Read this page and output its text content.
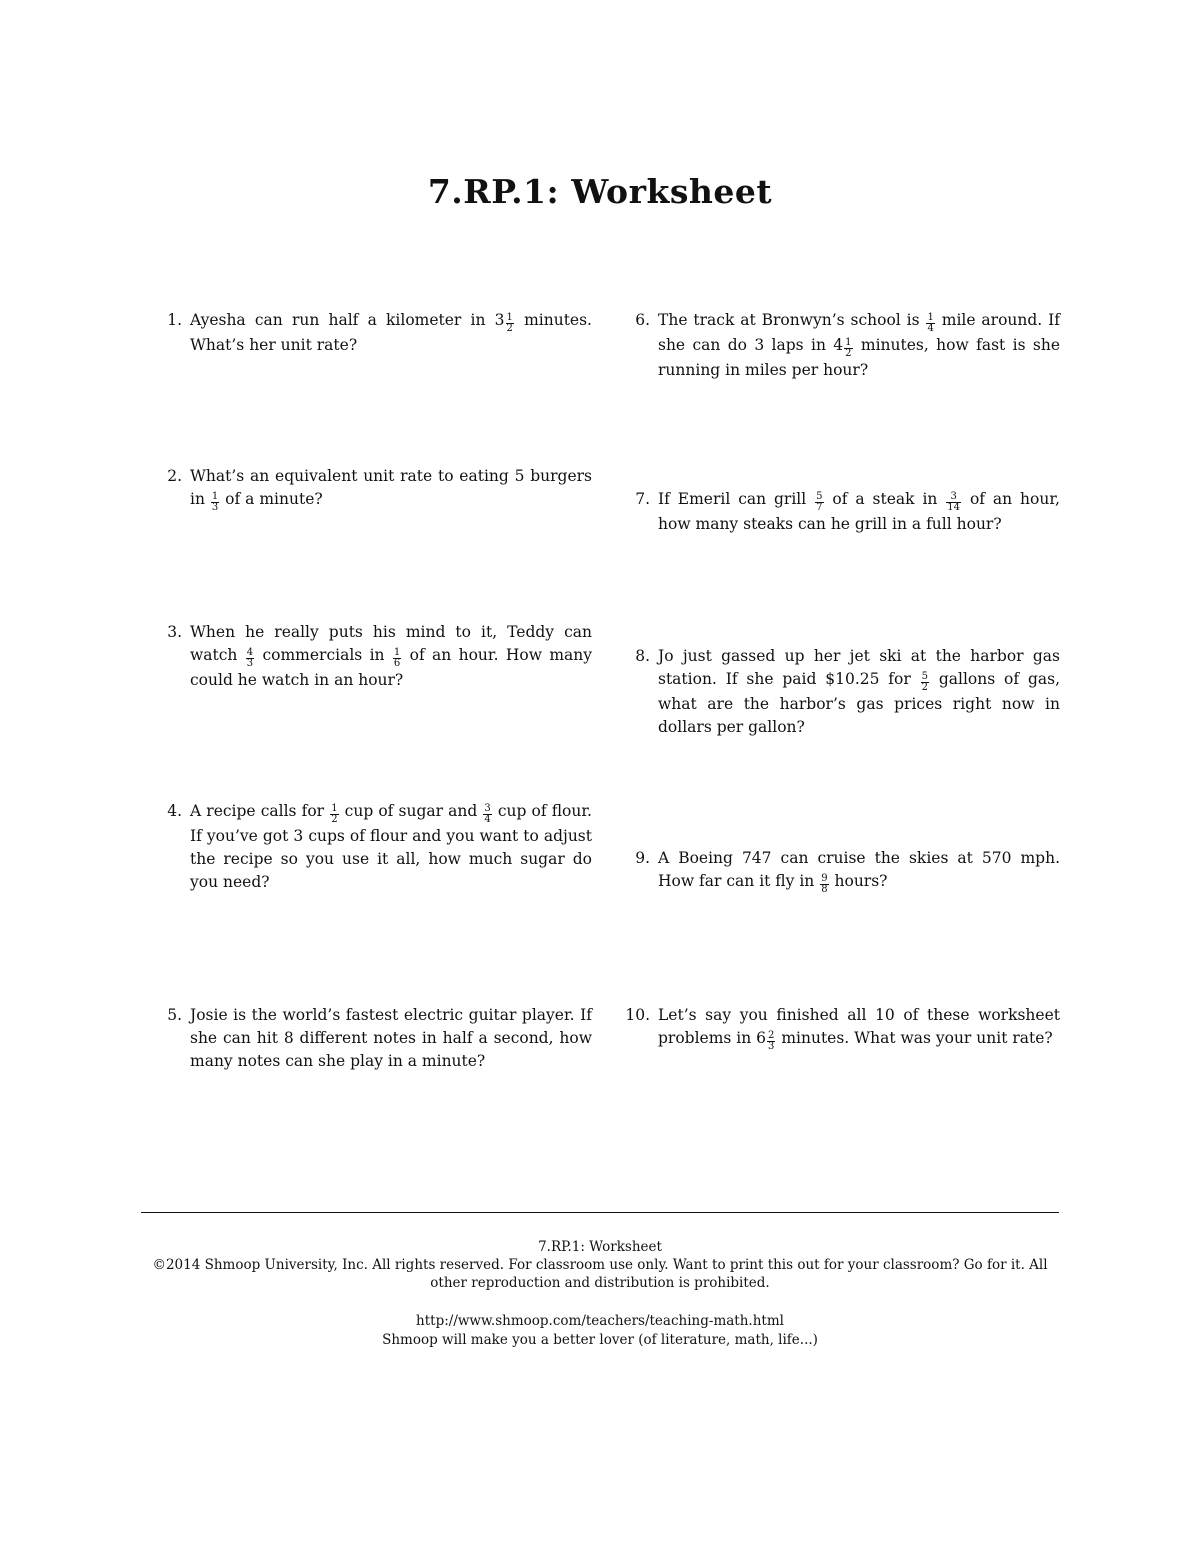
7.RP.1: Worksheet
1. Ayesha can run half a kilometer in $3 \frac{1}{2}$ minutes. What’s her unit rate?
2. What’s an equivalent unit rate to eating 5 burgers in $\frac{1}{3}$ of a minute?
3. When he really puts his mind to it, Teddy can watch $\frac{4}{3}$ commercials in $\frac{1}{6}$ of an hour. How many could he watch in an hour?
4. A recipe calls for $\frac{1}{2}$ cup of sugar and $\frac{3}{4}$ cup of flour. If you’ve got 3 cups of flour and you want to adjust the recipe so you use it all, how much sugar do you need?
5. Josie is the world’s fastest electric guitar player. If she can hit 8 different notes in half a second, how many notes can she play in a minute?
6. The track at Bronwyn’s school is $\frac{1}{4}$ mile around. If she can do 3 laps in $4 \frac{1}{2}$ minutes, how fast is she running in miles per hour?
7. If Emeril can grill $\frac{5}{7}$ of a steak in $\frac{3}{14}$ of an hour, how many steaks can he grill in a full hour?
8. Jo just gassed up her jet ski at the harbor gas station. If she paid $10.25 for $\frac{5}{2}$ gallons of gas, what are the harbor’s gas prices right now in dollars per gallon?
9. A Boeing 747 can cruise the skies at 570 mph. How far can it fly in $\frac{9}{8}$ hours?
10. Let’s say you finished all 10 of these worksheet problems in $6 \frac{2}{3}$ minutes. What was your unit rate?
7.RP.1: Worksheet
©2014 Shmoop University, Inc. All rights reserved. For classroom use only. Want to print this out for your classroom? Go for it. All other reproduction and distribution is prohibited.
http://www.shmoop.com/teachers/teaching-math.html
Shmoop will make you a better lover (of literature, math, life...)
